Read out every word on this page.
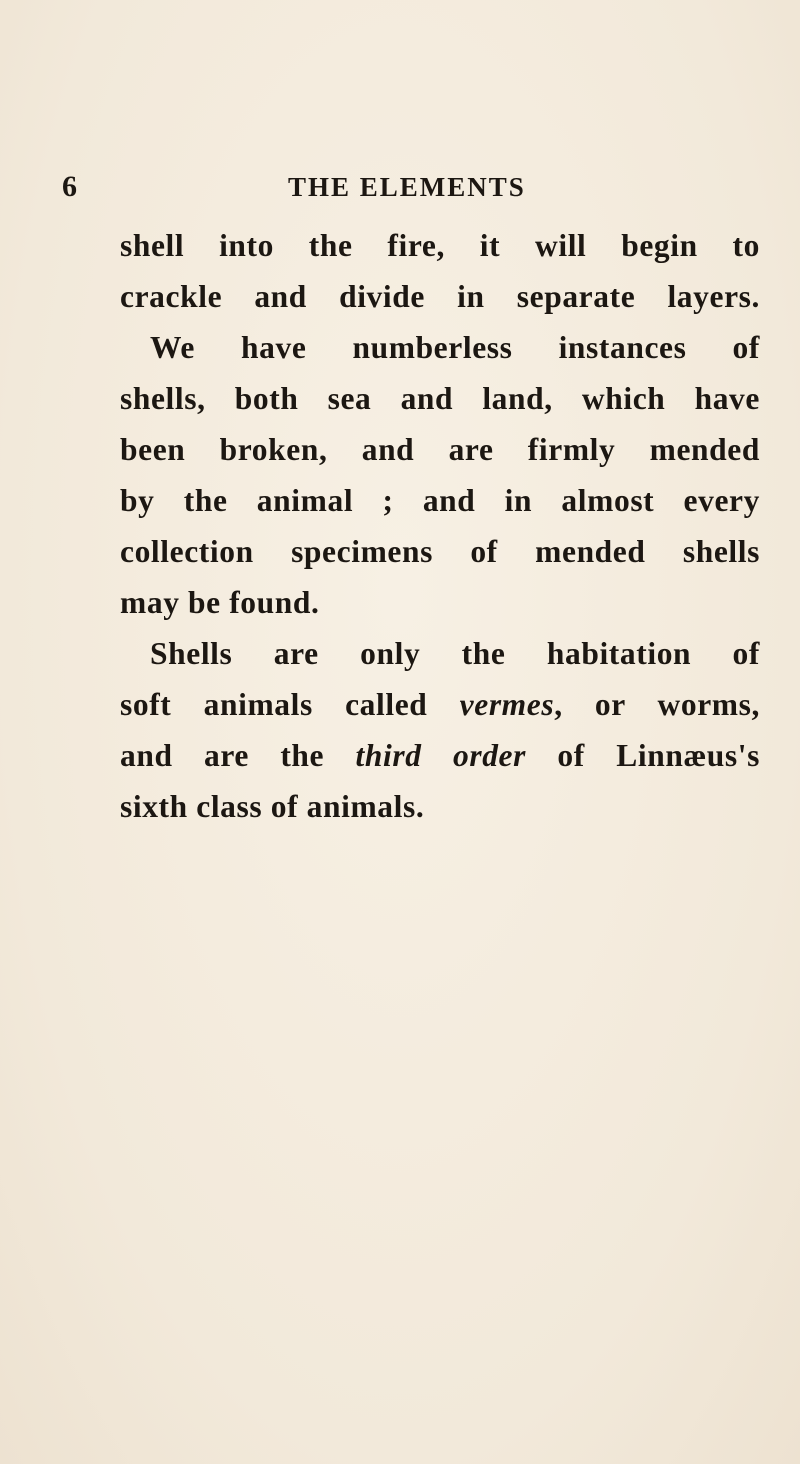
6	THE ELEMENTS
shell into the fire, it will begin to
crackle and divide in separate layers.
We have numberless instances of
shells, both sea and land, which have
been broken, and are firmly mended
by the animal ; and in almost every
collection specimens of mended shells
may be found.
Shells are only the habitation of
soft animals called vermes, or worms,
and are the third order of Linnæus's
sixth class of animals.
